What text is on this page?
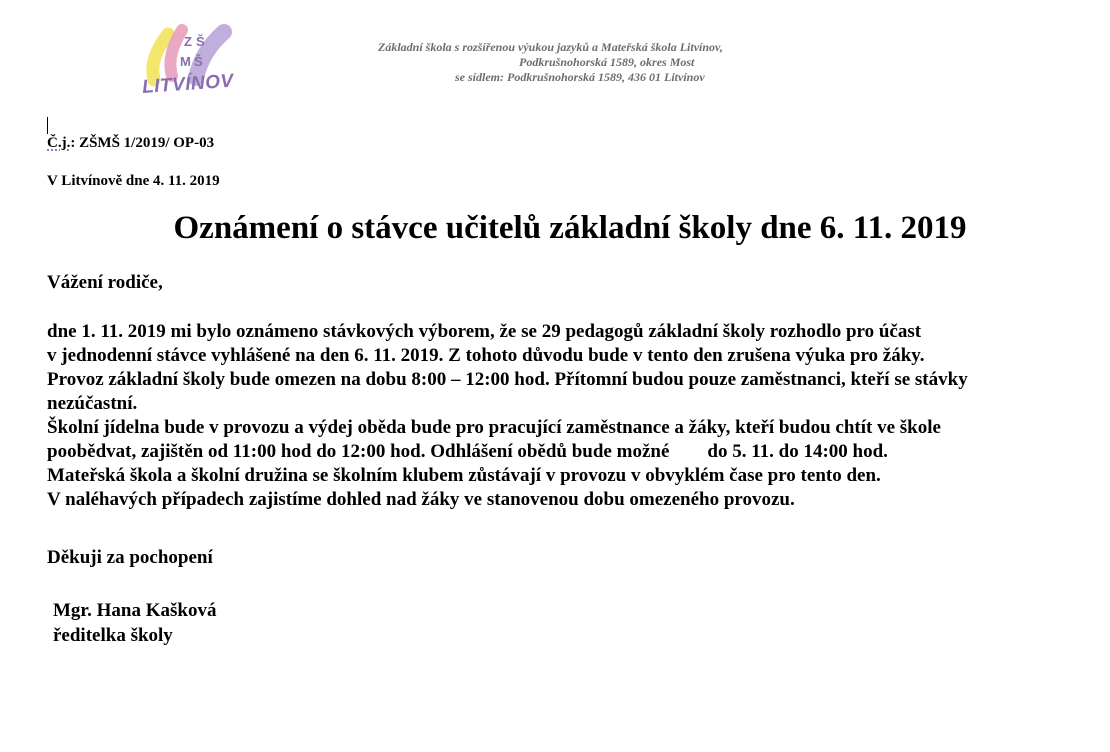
Z Š
M Š
LITVÍNOV
Základní škola s rozšířenou výukou jazyků a Mateřská škola Litvínov,
Podkrušnohorská 1589, okres Most
se sídlem: Podkrušnohorská 1589, 436 01 Litvínov
Č.j.: ZŠMŠ 1/2019/ OP-03
V Litvínově dne 4. 11. 2019
Oznámení o stávce učitelů základní školy dne 6. 11. 2019
Vážení rodiče,
dne 1. 11. 2019 mi bylo oznámeno stávkových výborem, že se 29 pedagogů základní školy rozhodlo pro účast
v jednodenní stávce vyhlášené na den 6. 11. 2019. Z tohoto důvodu bude v tento den zrušena výuka pro žáky.
Provoz základní školy bude omezen na dobu 8:00 – 12:00 hod. Přítomní budou pouze zaměstnanci, kteří se stávky
nezúčastní.
Školní jídelna bude v provozu a výdej oběda bude pro pracující zaměstnance a žáky, kteří budou chtít ve škole
poobědvat, zajištěn od 11:00 hod do 12:00 hod. Odhlášení obědů bude možné do 5. 11. do 14:00 hod.
Mateřská škola a školní družina se školním klubem zůstávají v provozu v obvyklém čase pro tento den.
V naléhavých případech zajistíme dohled nad žáky ve stanovenou dobu omezeného provozu.
Děkuji za pochopení
Mgr. Hana Kašková
ředitelka školy
